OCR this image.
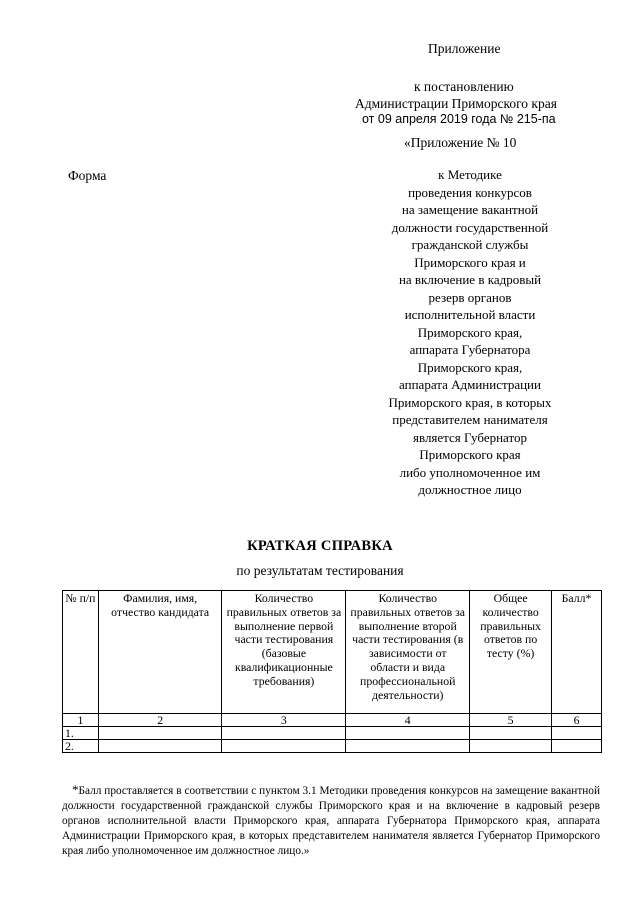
Приложение
к постановлению
Администрации Приморского края
от 09 апреля 2019 года № 215-па
«Приложение № 10
Форма	к Методике
проведения конкурсов
на замещение вакантной
должности государственной
гражданской службы
Приморского края и
на включение в кадровый
резерв органов
исполнительной власти
Приморского края,
аппарата Губернатора
Приморского края,
аппарата Администрации
Приморского края, в которых
представителем нанимателя
является Губернатор
Приморского края
либо уполномоченное им
должностное лицо
КРАТКАЯ СПРАВКА
по результатам тестирования
№ п/п	Фамилия, имя, отчество кандидата	Количество правильных ответов за выполнение первой части тестирования (базовые квалификационные требования)	Количество правильных ответов за выполнение второй части тестирования (в зависимости от области и вида профессиональной деятельности)	Общее количество правильных ответов по тесту (%)	Балл*
1	2	3	4	5	6
1.					
2.					
*Балл проставляется в соответствии с пунктом 3.1 Методики проведения конкурсов на замещение вакантной должности государственной гражданской службы Приморского края и на включение в кадровый резерв органов исполнительной власти Приморского края, аппарата Губернатора Приморского края, аппарата Администрации Приморского края, в которых представителем нанимателя является Губернатор Приморского края либо уполномоченное им должностное лицо.»
